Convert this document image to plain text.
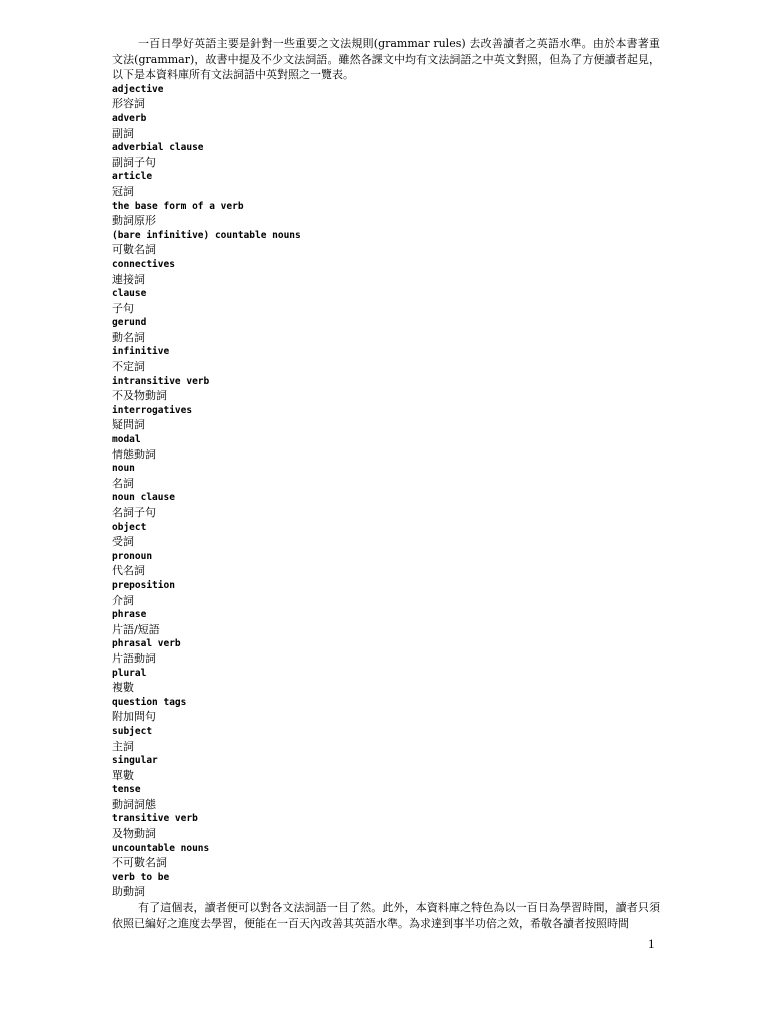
一百日學好英語主要是針對一些重要之文法規則(grammar rules) 去改善讀者之英語水準。由於本書著重文法(grammar)，故書中提及不少文法詞語。雖然各課文中均有文法詞語之中英文對照，但為了方便讀者起見，以下是本資料庫所有文法詞語中英對照之一覽表。

adjective
形容詞
adverb
副詞
adverbial clause
副詞子句
article
冠詞
the base form of a verb
動詞原形
(bare infinitive) countable nouns
可數名詞
connectives
連接詞
clause
子句
gerund
動名詞
infinitive
不定詞
intransitive verb
不及物動詞
interrogatives
疑問詞
modal
情態動詞
noun
名詞
noun clause
名詞子句
object
受詞
pronoun
代名詞
preposition
介詞
phrase
片語/短語
phrasal verb
片語動詞
plural
複數
question tags
附加問句
subject
主詞
singular
單數
tense
動詞詞態
transitive verb
及物動詞
uncountable nouns
不可數名詞
verb to be
助動詞

有了這個表，讀者便可以對各文法詞語一目了然。此外，本資料庫之特色為以一百日為學習時間，讀者只須依照已編好之進度去學習，便能在一百天內改善其英語水準。為求達到事半功倍之效，希敬各讀者按照時間

1
